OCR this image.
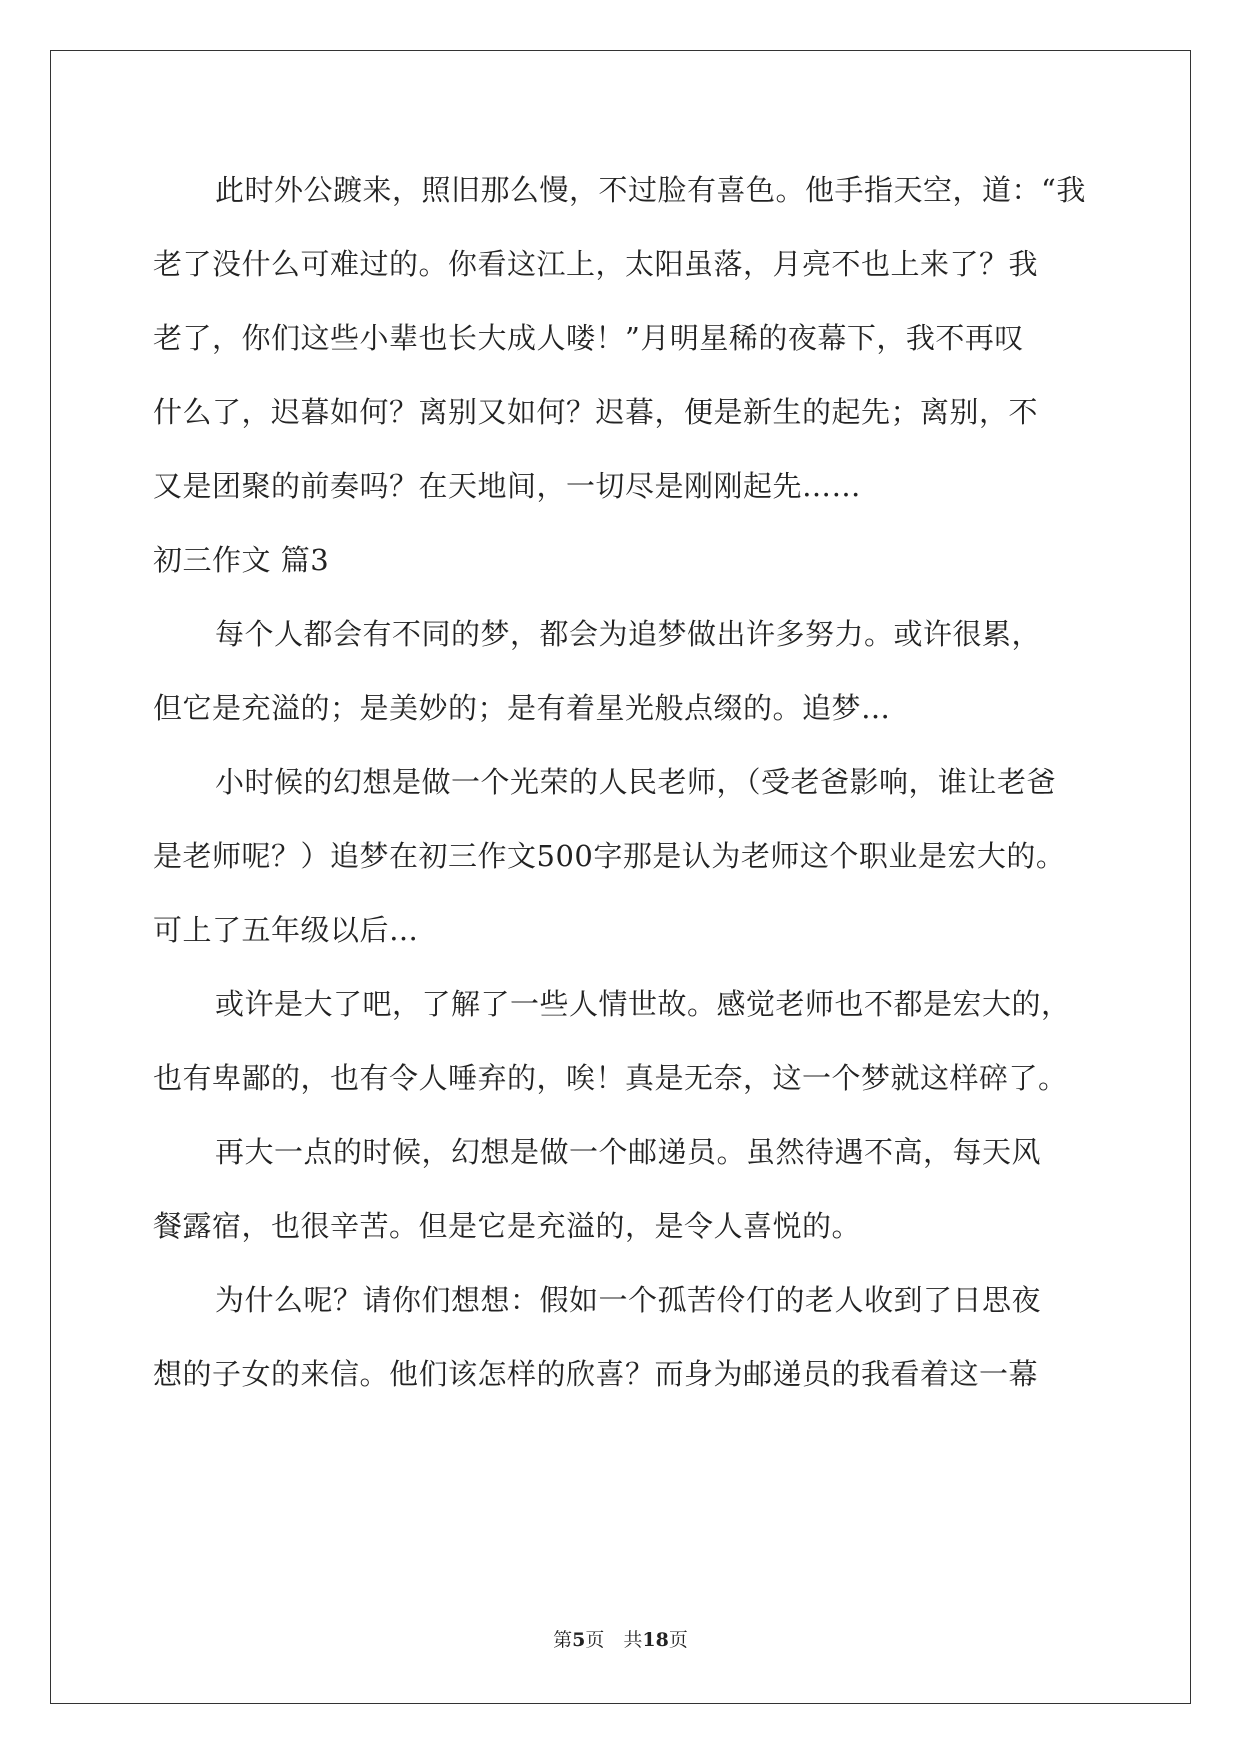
此时外公踱来，照旧那么慢，不过脸有喜色。他手指天空，道：“我
老了没什么可难过的。你看这江上，太阳虽落，月亮不也上来了？我
老了，你们这些小辈也长大成人喽！”月明星稀的夜幕下，我不再叹
什么了，迟暮如何？离别又如何？迟暮，便是新生的起先；离别，不
又是团聚的前奏吗？在天地间，一切尽是刚刚起先……
初三作文 篇3
每个人都会有不同的梦，都会为追梦做出许多努力。或许很累，
但它是充溢的；是美妙的；是有着星光般点缀的。追梦…
小时候的幻想是做一个光荣的人民老师，（受老爸影响，谁让老爸
是老师呢？）追梦在初三作文500字那是认为老师这个职业是宏大的。
可上了五年级以后…
或许是大了吧，了解了一些人情世故。感觉老师也不都是宏大的，
也有卑鄙的，也有令人唾弃的，唉！真是无奈，这一个梦就这样碎了。
再大一点的时候，幻想是做一个邮递员。虽然待遇不高，每天风
餐露宿，也很辛苦。但是它是充溢的，是令人喜悦的。
为什么呢？请你们想想：假如一个孤苦伶仃的老人收到了日思夜
想的子女的来信。他们该怎样的欣喜？而身为邮递员的我看着这一幕
第5页　共18页
